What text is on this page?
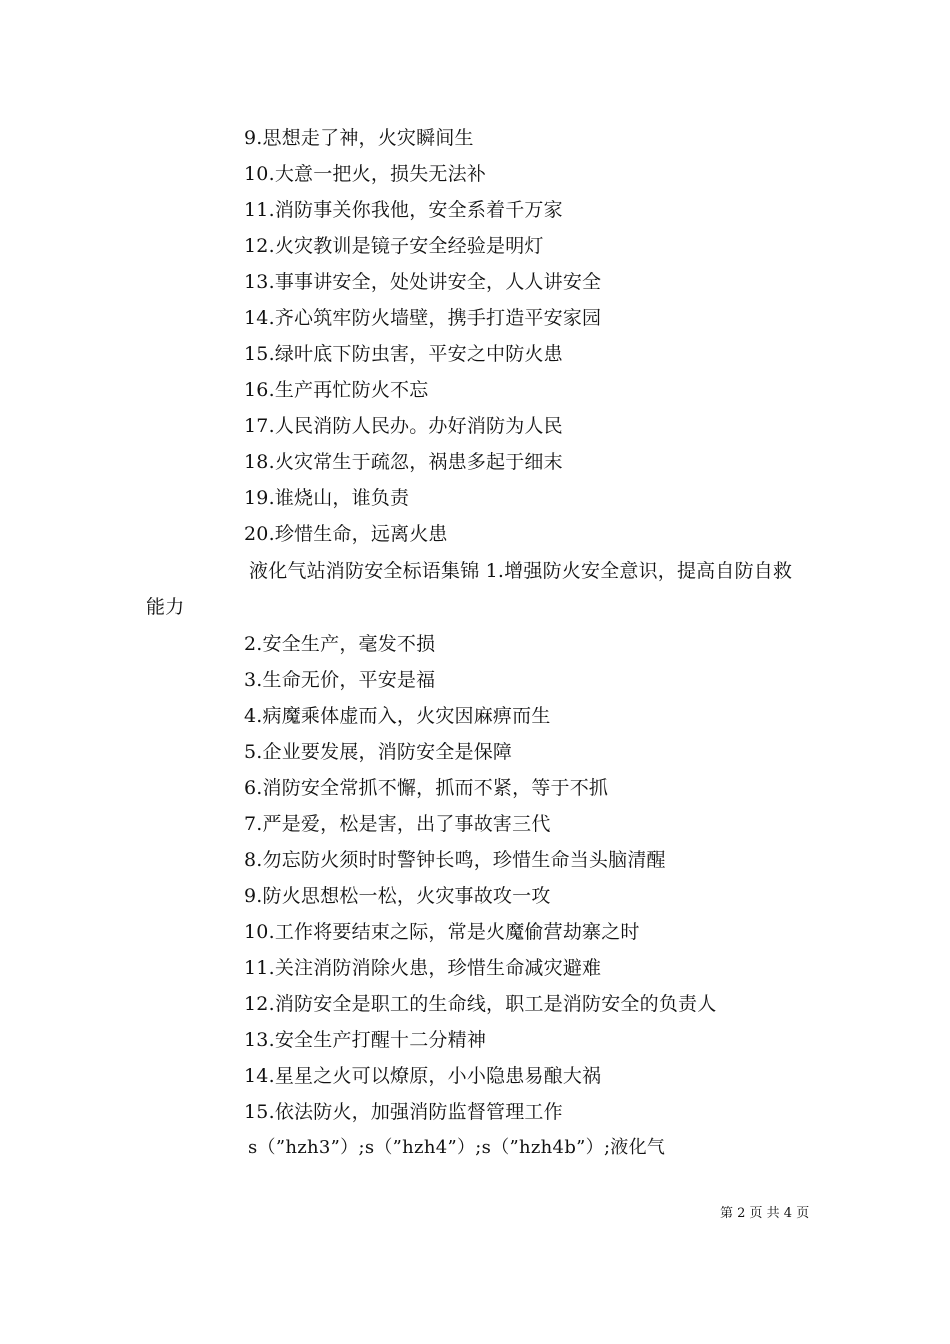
9.思想走了神，火灾瞬间生
10.大意一把火，损失无法补
11.消防事关你我他，安全系着千万家
12.火灾教训是镜子安全经验是明灯
13.事事讲安全，处处讲安全，人人讲安全
14.齐心筑牢防火墙壁，携手打造平安家园
15.绿叶底下防虫害，平安之中防火患
16.生产再忙防火不忘
17.人民消防人民办。办好消防为人民
18.火灾常生于疏忽，祸患多起于细末
19.谁烧山，谁负责
20.珍惜生命，远离火患
液化气站消防安全标语集锦 1.增强防火安全意识，提高自防自救能力
2.安全生产，毫发不损
3.生命无价，平安是福
4.病魔乘体虚而入，火灾因麻痹而生
5.企业要发展，消防安全是保障
6.消防安全常抓不懈，抓而不紧，等于不抓
7.严是爱，松是害，出了事故害三代
8.勿忘防火须时时警钟长鸣，珍惜生命当头脑清醒
9.防火思想松一松，火灾事故攻一攻
10.工作将要结束之际，常是火魔偷营劫寨之时
11.关注消防消除火患，珍惜生命减灾避难
12.消防安全是职工的生命线，职工是消防安全的负责人
13.安全生产打醒十二分精神
14.星星之火可以燎原，小小隐患易酿大祸
15.依法防火，加强消防监督管理工作
s（”hzh3”）;s（”hzh4”）;s（”hzh4b”）;液化气
第 2 页 共 4 页
